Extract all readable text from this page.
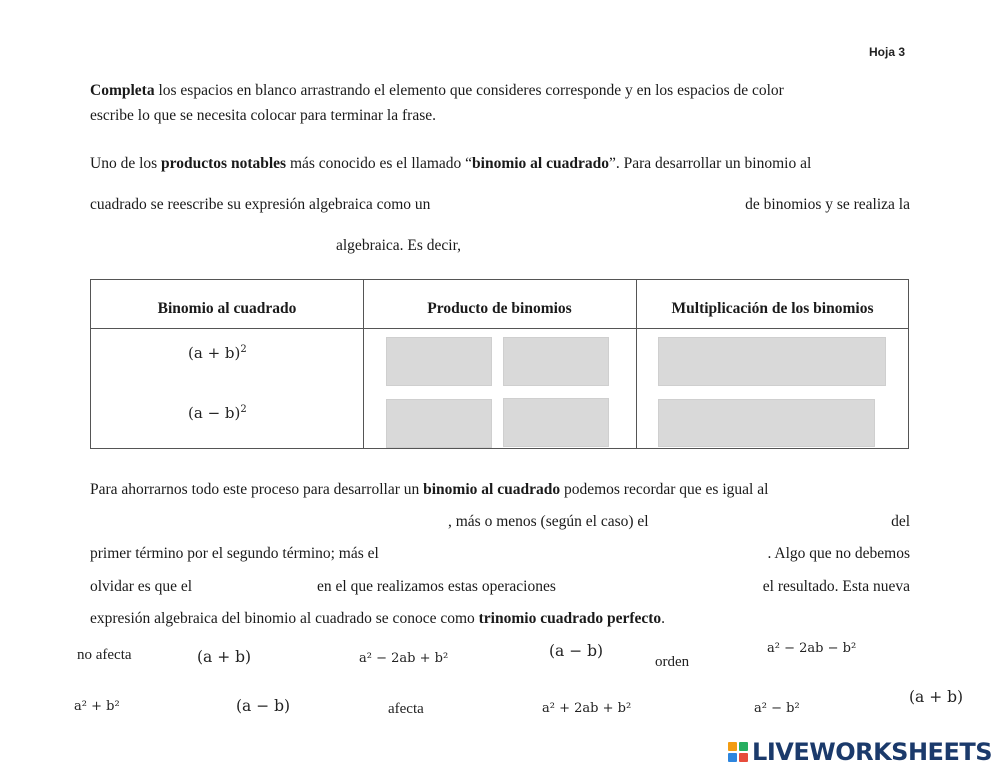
Hoja 3
Completa los espacios en blanco arrastrando el elemento que consideres corresponde y en los espacios de color
escribe lo que se necesita colocar para terminar la frase.
Uno de los productos notables más conocido es el llamado “binomio al cuadrado”. Para desarrollar un binomio al
cuadrado se reescribe su expresión algebraica como un	de binomios y se realiza la
algebraica. Es decir,
Binomio al cuadrado	Producto de binomios	Multiplicación de los binomios
$(a + b)^2$
$(a - b)^2$
Para ahorrarnos todo este proceso para desarrollar un binomio al cuadrado podemos recordar que es igual al
, más o menos (según el caso) el	del
primer término por el segundo término; más el	. Algo que no debemos
olvidar es que el	en el que realizamos estas operaciones	el resultado. Esta nueva
expresión algebraica del binomio al cuadrado se conoce como trinomio cuadrado perfecto.
no afecta	(a + b)	a² − 2ab + b²	(a − b)
orden
a² − 2ab − b²
a² + b²	(a − b)	afecta	a² + 2ab + b²	a² − b²
(a + b)
LIVEWORKSHEETS
